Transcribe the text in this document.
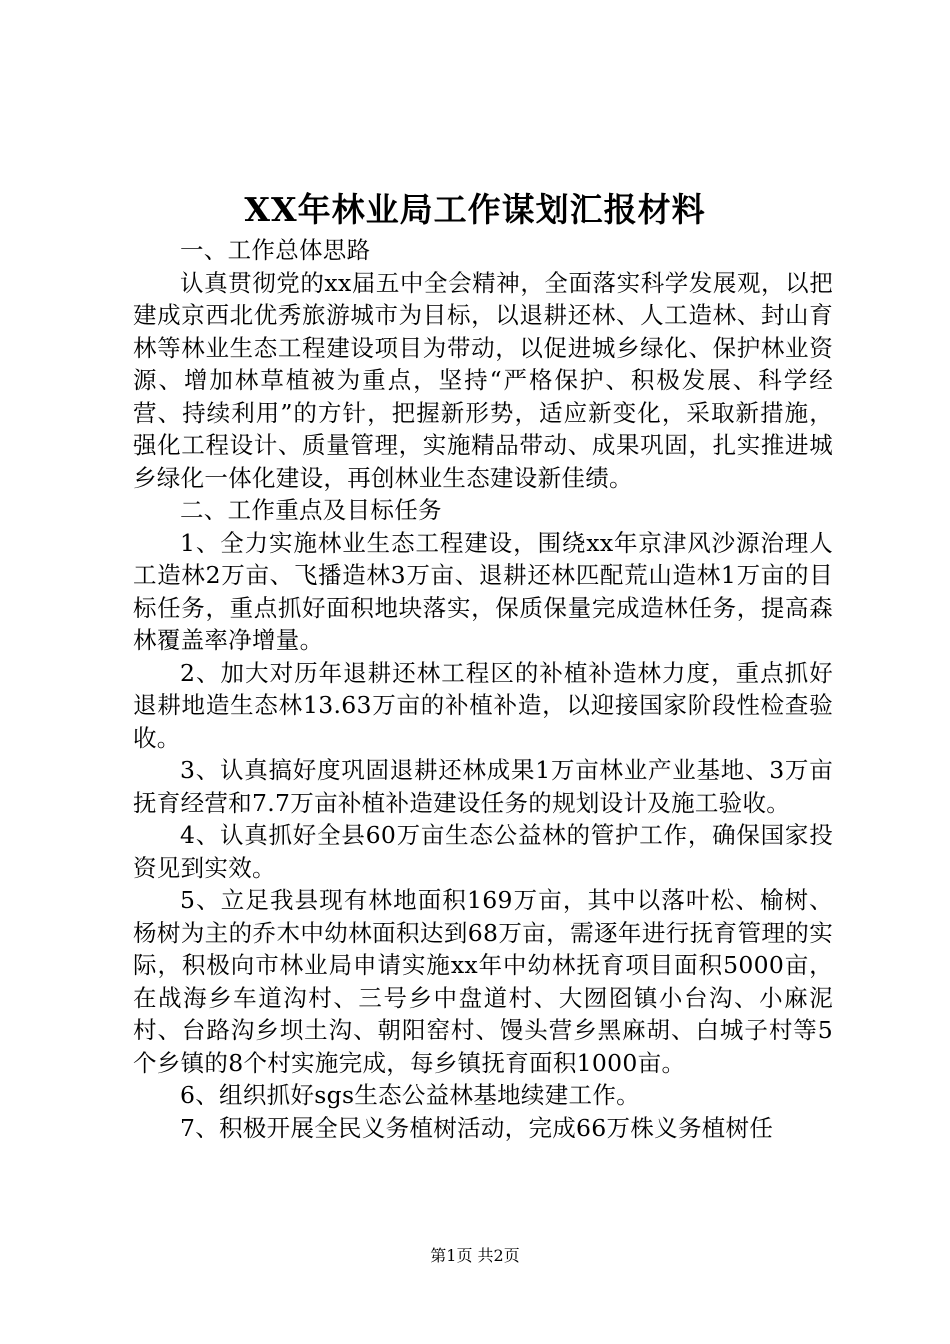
XX年林业局工作谋划汇报材料

一、工作总体思路

认真贯彻党的xx届五中全会精神，全面落实科学发展观，以把建成京西北优秀旅游城市为目标，以退耕还林、人工造林、封山育林等林业生态工程建设项目为带动，以促进城乡绿化、保护林业资源、增加林草植被为重点，坚持“严格保护、积极发展、科学经营、持续利用”的方针，把握新形势，适应新变化，采取新措施，强化工程设计、质量管理，实施精品带动、成果巩固，扎实推进城乡绿化一体化建设，再创林业生态建设新佳绩。

二、工作重点及目标任务

1、全力实施林业生态工程建设，围绕xx年京津风沙源治理人工造林2万亩、飞播造林3万亩、退耕还林匹配荒山造林1万亩的目标任务，重点抓好面积地块落实，保质保量完成造林任务，提高森林覆盖率净增量。

2、加大对历年退耕还林工程区的补植补造林力度，重点抓好退耕地造生态林13.63万亩的补植补造，以迎接国家阶段性检查验收。

3、认真搞好度巩固退耕还林成果1万亩林业产业基地、3万亩抚育经营和7.7万亩补植补造建设任务的规划设计及施工验收。

4、认真抓好全县60万亩生态公益林的管护工作，确保国家投资见到实效。

5、立足我县现有林地面积169万亩，其中以落叶松、榆树、杨树为主的乔木中幼林面积达到68万亩，需逐年进行抚育管理的实际，积极向市林业局申请实施xx年中幼林抚育项目面积5000亩，在战海乡车道沟村、三号乡中盘道村、大囫囵镇小台沟、小麻泥村、台路沟乡坝土沟、朝阳窑村、馒头营乡黑麻胡、白城子村等5个乡镇的8个村实施完成，每乡镇抚育面积1000亩。

6、组织抓好sgs生态公益林基地续建工作。

7、积极开展全民义务植树活动，完成66万株义务植树任

第1页 共2页
